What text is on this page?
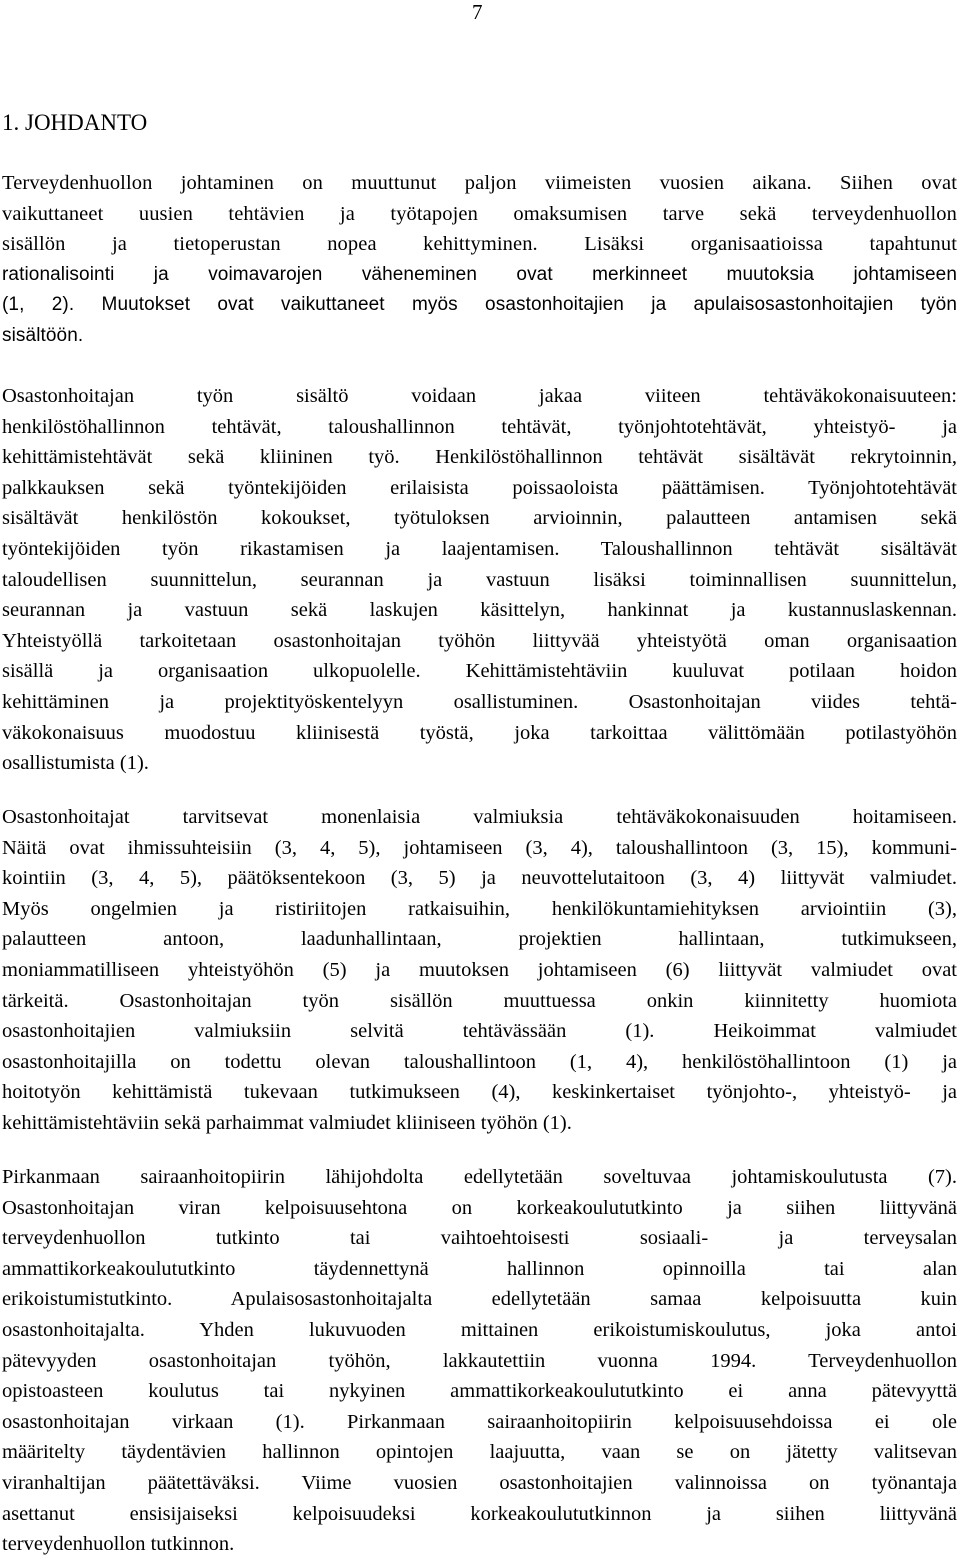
7
1. JOHDANTO
Terveydenhuollon johtaminen on muuttunut paljon viimeisten vuosien aikana. Siihen ovat
vaikuttaneet uusien tehtävien ja työtapojen omaksumisen tarve sekä terveydenhuollon
sisällön ja tietoperustan nopea kehittyminen. Lisäksi organisaatioissa tapahtunut
rationalisointi ja voimavarojen väheneminen ovat merkinneet muutoksia johtamiseen
(1, 2). Muutokset ovat vaikuttaneet myös osastonhoitajien ja apulaisosastonhoitajien työn
sisältöön.
Osastonhoitajan työn sisältö voidaan jakaa viiteen tehtäväkokonaisuuteen:
henkilöstöhallinnon tehtävät, taloushallinnon tehtävät, työnjohtotehtävät, yhteistyö- ja
kehittämistehtävät sekä kliininen työ. Henkilöstöhallinnon tehtävät sisältävät rekrytoinnin,
palkkauksen sekä työntekijöiden erilaisista poissaoloista päättämisen. Työnjohtotehtävät
sisältävät henkilöstön kokoukset, työtuloksen arvioinnin, palautteen antamisen sekä
työntekijöiden työn rikastamisen ja laajentamisen. Taloushallinnon tehtävät sisältävät
taloudellisen suunnittelun, seurannan ja vastuun lisäksi toiminnallisen suunnittelun,
seurannan ja vastuun sekä laskujen käsittelyn, hankinnat ja kustannuslaskennan.
Yhteistyöllä tarkoitetaan osastonhoitajan työhön liittyvää yhteistyötä oman organisaation
sisällä ja organisaation ulkopuolelle. Kehittämistehtäviin kuuluvat potilaan hoidon
kehittäminen ja projektityöskentelyyn osallistuminen. Osastonhoitajan viides tehtä-
väkokonaisuus muodostuu kliinisestä työstä, joka tarkoittaa välittömään potilastyöhön
osallistumista (1).
Osastonhoitajat tarvitsevat monenlaisia valmiuksia tehtäväkokonaisuuden hoitamiseen.
Näitä ovat ihmissuhteisiin (3, 4, 5), johtamiseen (3, 4), taloushallintoon (3, 15), kommuni-
kointiin (3, 4, 5), päätöksentekoon (3, 5) ja neuvottelutaitoon (3, 4) liittyvät valmiudet.
Myös ongelmien ja ristiriitojen ratkaisuihin, henkilökuntamiehityksen arviointiin (3),
palautteen antoon, laadunhallintaan, projektien hallintaan, tutkimukseen,
moniammatilliseen yhteistyöhön (5) ja muutoksen johtamiseen (6) liittyvät valmiudet ovat
tärkeitä. Osastonhoitajan työn sisällön muuttuessa onkin kiinnitetty huomiota
osastonhoitajien valmiuksiin selvitä tehtävässään (1). Heikoimmat valmiudet
osastonhoitajilla on todettu olevan taloushallintoon (1, 4), henkilöstöhallintoon (1) ja
hoitotyön kehittämistä tukevaan tutkimukseen (4), keskinkertaiset työnjohto-, yhteistyö- ja
kehittämistehtäviin sekä parhaimmat valmiudet kliiniseen työhön (1).
Pirkanmaan sairaanhoitopiirin lähijohdolta edellytetään soveltuvaa johtamiskoulutusta (7).
Osastonhoitajan viran kelpoisuusehtona on korkeakoulututkinto ja siihen liittyvänä
terveydenhuollon tutkinto tai vaihtoehtoisesti sosiaali- ja terveysalan
ammattikorkeakoulututkinto täydennettynä hallinnon opinnoilla tai alan
erikoistumistutkinto. Apulaisosastonhoitajalta edellytetään samaa kelpoisuutta kuin
osastonhoitajalta. Yhden lukuvuoden mittainen erikoistumiskoulutus, joka antoi
pätevyyden osastonhoitajan työhön, lakkautettiin vuonna 1994. Terveydenhuollon
opistoasteen koulutus tai nykyinen ammattikorkeakoulututkinto ei anna pätevyyttä
osastonhoitajan virkaan (1). Pirkanmaan sairaanhoitopiirin kelpoisuusehdoissa ei ole
määritelty täydentävien hallinnon opintojen laajuutta, vaan se on jätetty valitsevan
viranhaltijan päätettäväksi. Viime vuosien osastonhoitajien valinnoissa on työnantaja
asettanut ensisijaiseksi kelpoisuudeksi korkeakoulututkinnon ja siihen liittyvänä
terveydenhuollon tutkinnon.
